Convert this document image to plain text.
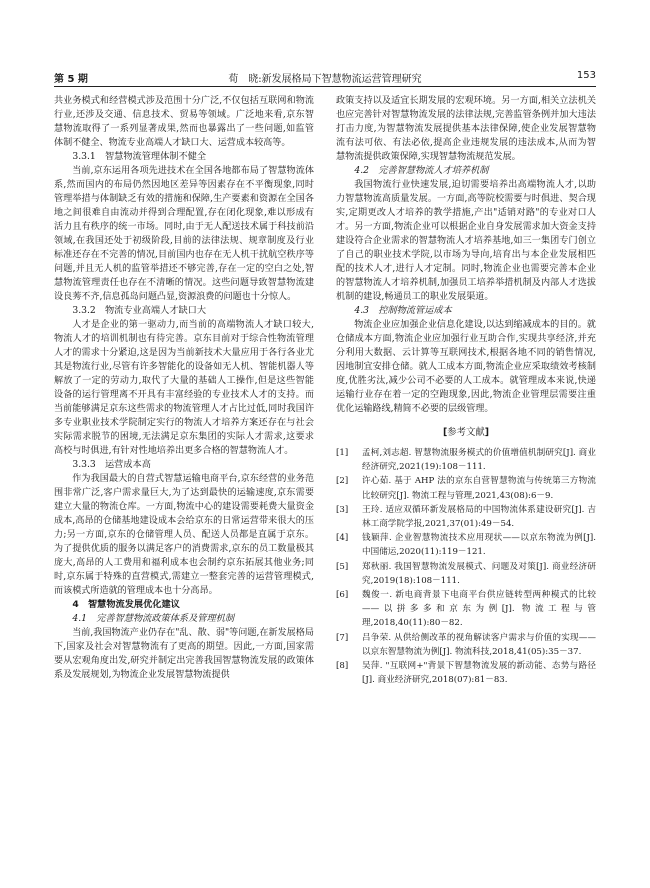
第 5 期	荀　晓:新发展格局下智慧物流运营管理研究	153

共业务模式和经营模式涉及范围十分广泛,不仅包括互联网和物流行业,还涉及交通、信息技术、贸易等领域。广泛地来看,京东智慧物流取得了一系列显著成果,然而也暴露出了一些问题,如监管体制不健全、物流专业高端人才缺口大、运营成本较高等。

3.3.1　智慧物流管理体制不健全

当前,京东运用各项先进技术在全国各地都布局了智慧物流体系,然而国内的布局仍然因地区差异等因素存在不平衡现象,同时管理举措与体制缺乏有效的措施和保障,生产要素和资源在全国各地之间很难自由流动并得到合理配置,存在闭化现象,难以形成有活力且有秩序的统一市场。同时,由于无人配送技术属于科技前沿领域,在我国还处于初级阶段,目前的法律法规、规章制度及行业标准还存在不完善的情况,目前国内也存在无人机干扰航空秩序等问题,并且无人机的监管举措还不够完善,存在一定的空白之处,智慧物流管理责任也存在不清晰的情况。这些问题导致智慧物流建设良莠不齐,信息孤岛问题凸显,资源浪费的问题也十分惊人。

3.3.2　物流专业高端人才缺口大

人才是企业的第一驱动力,而当前的高端物流人才缺口较大,物流人才的培训机制也有待完善。京东目前对于综合性物流管理人才的需求十分紧迫,这是因为当前新技术大量应用于各行各业尤其是物流行业,尽管有许多智能化的设备如无人机、智能机器人等解放了一定的劳动力,取代了大量的基础人工操作,但是这些智能设备的运行管理离不开具有丰富经验的专业技术人才的支持。而当前能够满足京东这些需求的物流管理人才占比过低,同时我国许多专业职业技术学院制定实行的物流人才培养方案还存在与社会实际需求脱节的困境,无法满足京东集团的实际人才需求,这要求高校与时俱进,有针对性地培养出更多合格的智慧物流人才。

3.3.3　运营成本高

作为我国最大的自营式智慧运输电商平台,京东经营的业务范围非常广泛,客户需求量巨大,为了达到最快的运输速度,京东需要建立大量的物流仓库。一方面,物流中心的建设需要耗费大量资金成本,高昂的仓储基地建设成本会给京东的日常运营带来很大的压力;另一方面,京东的仓储管理人员、配送人员都是直属于京东。为了提供优质的服务以满足客户的消费需求,京东的员工数量极其庞大,高昂的人工费用和福利成本也会制约京东拓展其他业务;同时,京东属于特殊的直营模式,需建立一整套完善的运营管理模式,而该模式所造就的管理成本也十分高昂。

4　智慧物流发展优化建议

4.1　完善智慧物流政策体系及管理机制

当前,我国物流产业仍存在"乱、散、弱"等问题,在新发展格局下,国家及社会对智慧物流有了更高的期望。因此,一方面,国家需要从宏观角度出发,研究并制定出完善我国智慧物流发展的政策体系及发展规划,为物流企业发展智慧物流提供

政策支持以及适宜长期发展的宏观环境。另一方面,相关立法机关也应完善针对智慧物流发展的法律法规,完善监管条例并加大违法打击力度,为智慧物流发展提供基本法律保障,使企业发展智慧物流有法可依、有法必依,提高企业违规发展的违法成本,从而为智慧物流提供政策保障,实现智慧物流规范发展。

4.2　完善智慧物流人才培养机制

我国物流行业快速发展,迫切需要培养出高端物流人才,以助力智慧物流高质量发展。一方面,高等院校需要与时俱进、契合现实,定期更改人才培养的教学措施,产出"适销对路"的专业对口人才。另一方面,物流企业可以根据企业自身发展需求加大资金支持建设符合企业需求的智慧物流人才培养基地,如三一集团专门创立了自己的职业技术学院,以市场为导向,培育出与本企业发展相匹配的技术人才,进行人才定制。同时,物流企业也需要完善本企业的智慧物流人才培养机制,加强员工培养举措机制及内部人才选拔机制的建设,畅通员工的职业发展渠道。

4.3　控制物流管运成本

物流企业应加强企业信息化建设,以达到缩减成本的目的。就仓储成本方面,物流企业应加强行业互助合作,实现共享经济,并充分利用大数据、云计算等互联网技术,根据各地不同的销售情况,因地制宜安排仓储。就人工成本方面,物流企业应采取绩效考核制度,优胜劣汰,减少公司不必要的人工成本。就管理成本来说,快递运输行业存在着一定的空跑现象,因此,物流企业管理层需要注重优化运输路线,精简不必要的层级管理。

[参考文献]
[1] 孟柯,刘志超. 智慧物流服务模式的价值增值机制研究[J]. 商业经济研究,2021(19):108－111.
[2] 许心茹. 基于 AHP 法的京东自营智慧物流与传统第三方物流比较研究[J]. 物流工程与管理,2021,43(08):6－9.
[3] 王玲. 适应双循环新发展格局的中国物流体系建设研究[J]. 吉林工商学院学报,2021,37(01):49－54.
[4] 钱颖萍. 企业智慧物流技术应用现状——以京东物流为例[J]. 中国储运,2020(11):119－121.
[5] 郑秋丽. 我国智慧物流发展模式、问题及对策[J]. 商业经济研究,2019(18):108－111.
[6] 魏俊一. 新电商背景下电商平台供应链转型两种模式的比较——以拼多多和京东为例[J]. 物流工程与管理,2018,40(11):80－82.
[7] 吕争荣. 从供给侧改革的视角解读客户需求与价值的实现——以京东智慧物流为例[J]. 物流科技,2018,41(05):35－37.
[8] 吴萍. "互联网+"背景下智慧物流发展的新动能、态势与路径[J]. 商业经济研究,2018(07):81－83.
